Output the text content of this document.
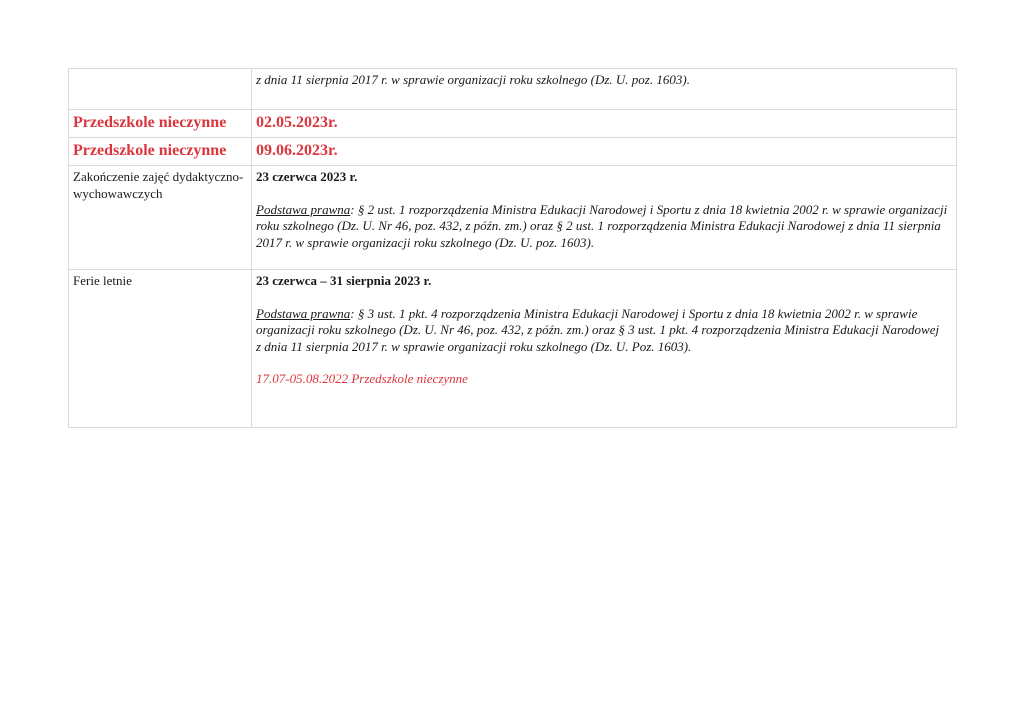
	z dnia 11 sierpnia 2017 r. w sprawie organizacji roku szkolnego (Dz. U. poz. 1603).

Przedszkole nieczynne	02.05.2023r.
Przedszkole nieczynne	09.06.2023r.

Zakończenie zajęć dydaktyczno-wychowawczych	23 czerwca 2023 r.

Podstawa prawna: § 2 ust. 1 rozporządzenia Ministra Edukacji Narodowej i Sportu z dnia 18 kwietnia 2002 r. w sprawie organizacji roku szkolnego (Dz. U. Nr 46, poz. 432, z późn. zm.) oraz § 2 ust. 1 rozporządzenia Ministra Edukacji Narodowej z dnia 11 sierpnia 2017 r. w sprawie organizacji roku szkolnego (Dz. U. poz. 1603).

Ferie letnie	23 czerwca – 31 sierpnia 2023 r.

Podstawa prawna: § 3 ust. 1 pkt. 4 rozporządzenia Ministra Edukacji Narodowej i Sportu z dnia 18 kwietnia 2002 r. w sprawie organizacji roku szkolnego (Dz. U. Nr 46, poz. 432, z późn. zm.) oraz § 3 ust. 1 pkt. 4 rozporządzenia Ministra Edukacji Narodowej

z dnia 11 sierpnia 2017 r. w sprawie organizacji roku szkolnego (Dz. U. Poz. 1603).

17.07-05.08.2022 Przedszkole nieczynne
